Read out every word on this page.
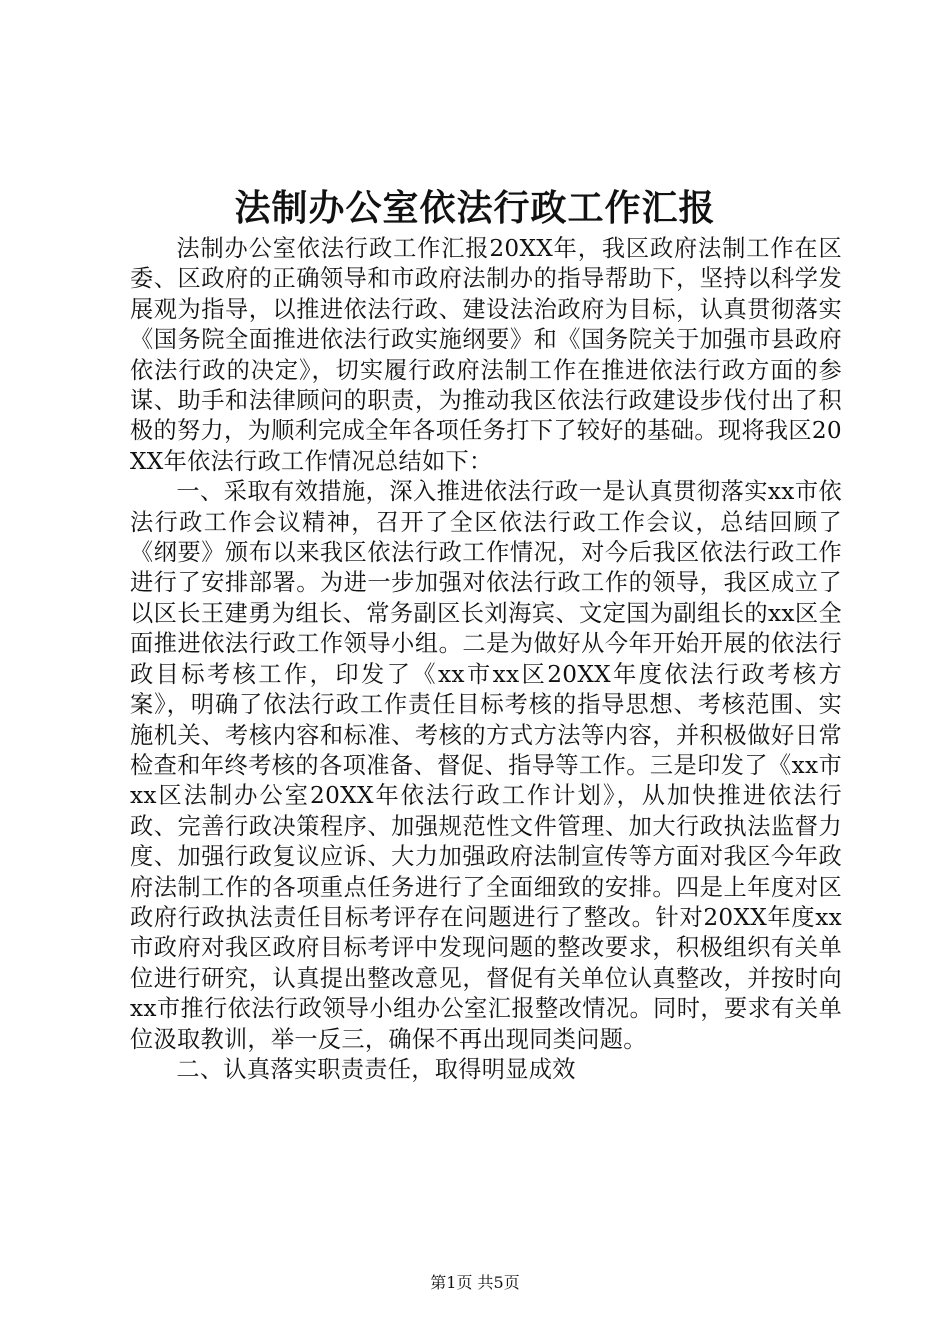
法制办公室依法行政工作汇报

法制办公室依法行政工作汇报20XX年，我区政府法制工作在区委、区政府的正确领导和市政府法制办的指导帮助下，坚持以科学发展观为指导，以推进依法行政、建设法治政府为目标，认真贯彻落实《国务院全面推进依法行政实施纲要》和《国务院关于加强市县政府依法行政的决定》，切实履行政府法制工作在推进依法行政方面的参谋、助手和法律顾问的职责，为推动我区依法行政建设步伐付出了积极的努力，为顺利完成全年各项任务打下了较好的基础。现将我区20XX年依法行政工作情况总结如下：

一、采取有效措施，深入推进依法行政一是认真贯彻落实xx市依法行政工作会议精神，召开了全区依法行政工作会议，总结回顾了《纲要》颁布以来我区依法行政工作情况，对今后我区依法行政工作进行了安排部署。为进一步加强对依法行政工作的领导，我区成立了以区长王建勇为组长、常务副区长刘海宾、文定国为副组长的xx区全面推进依法行政工作领导小组。二是为做好从今年开始开展的依法行政目标考核工作，印发了《xx市xx区20XX年度依法行政考核方案》，明确了依法行政工作责任目标考核的指导思想、考核范围、实施机关、考核内容和标准、考核的方式方法等内容，并积极做好日常检查和年终考核的各项准备、督促、指导等工作。三是印发了《xx市xx区法制办公室20XX年依法行政工作计划》，从加快推进依法行政、完善行政决策程序、加强规范性文件管理、加大行政执法监督力度、加强行政复议应诉、大力加强政府法制宣传等方面对我区今年政府法制工作的各项重点任务进行了全面细致的安排。四是上年度对区政府行政执法责任目标考评存在问题进行了整改。针对20XX年度xx市政府对我区政府目标考评中发现问题的整改要求，积极组织有关单位进行研究，认真提出整改意见，督促有关单位认真整改，并按时向xx市推行依法行政领导小组办公室汇报整改情况。同时，要求有关单位汲取教训，举一反三，确保不再出现同类问题。

二、认真落实职责责任，取得明显成效

第1页 共5页
